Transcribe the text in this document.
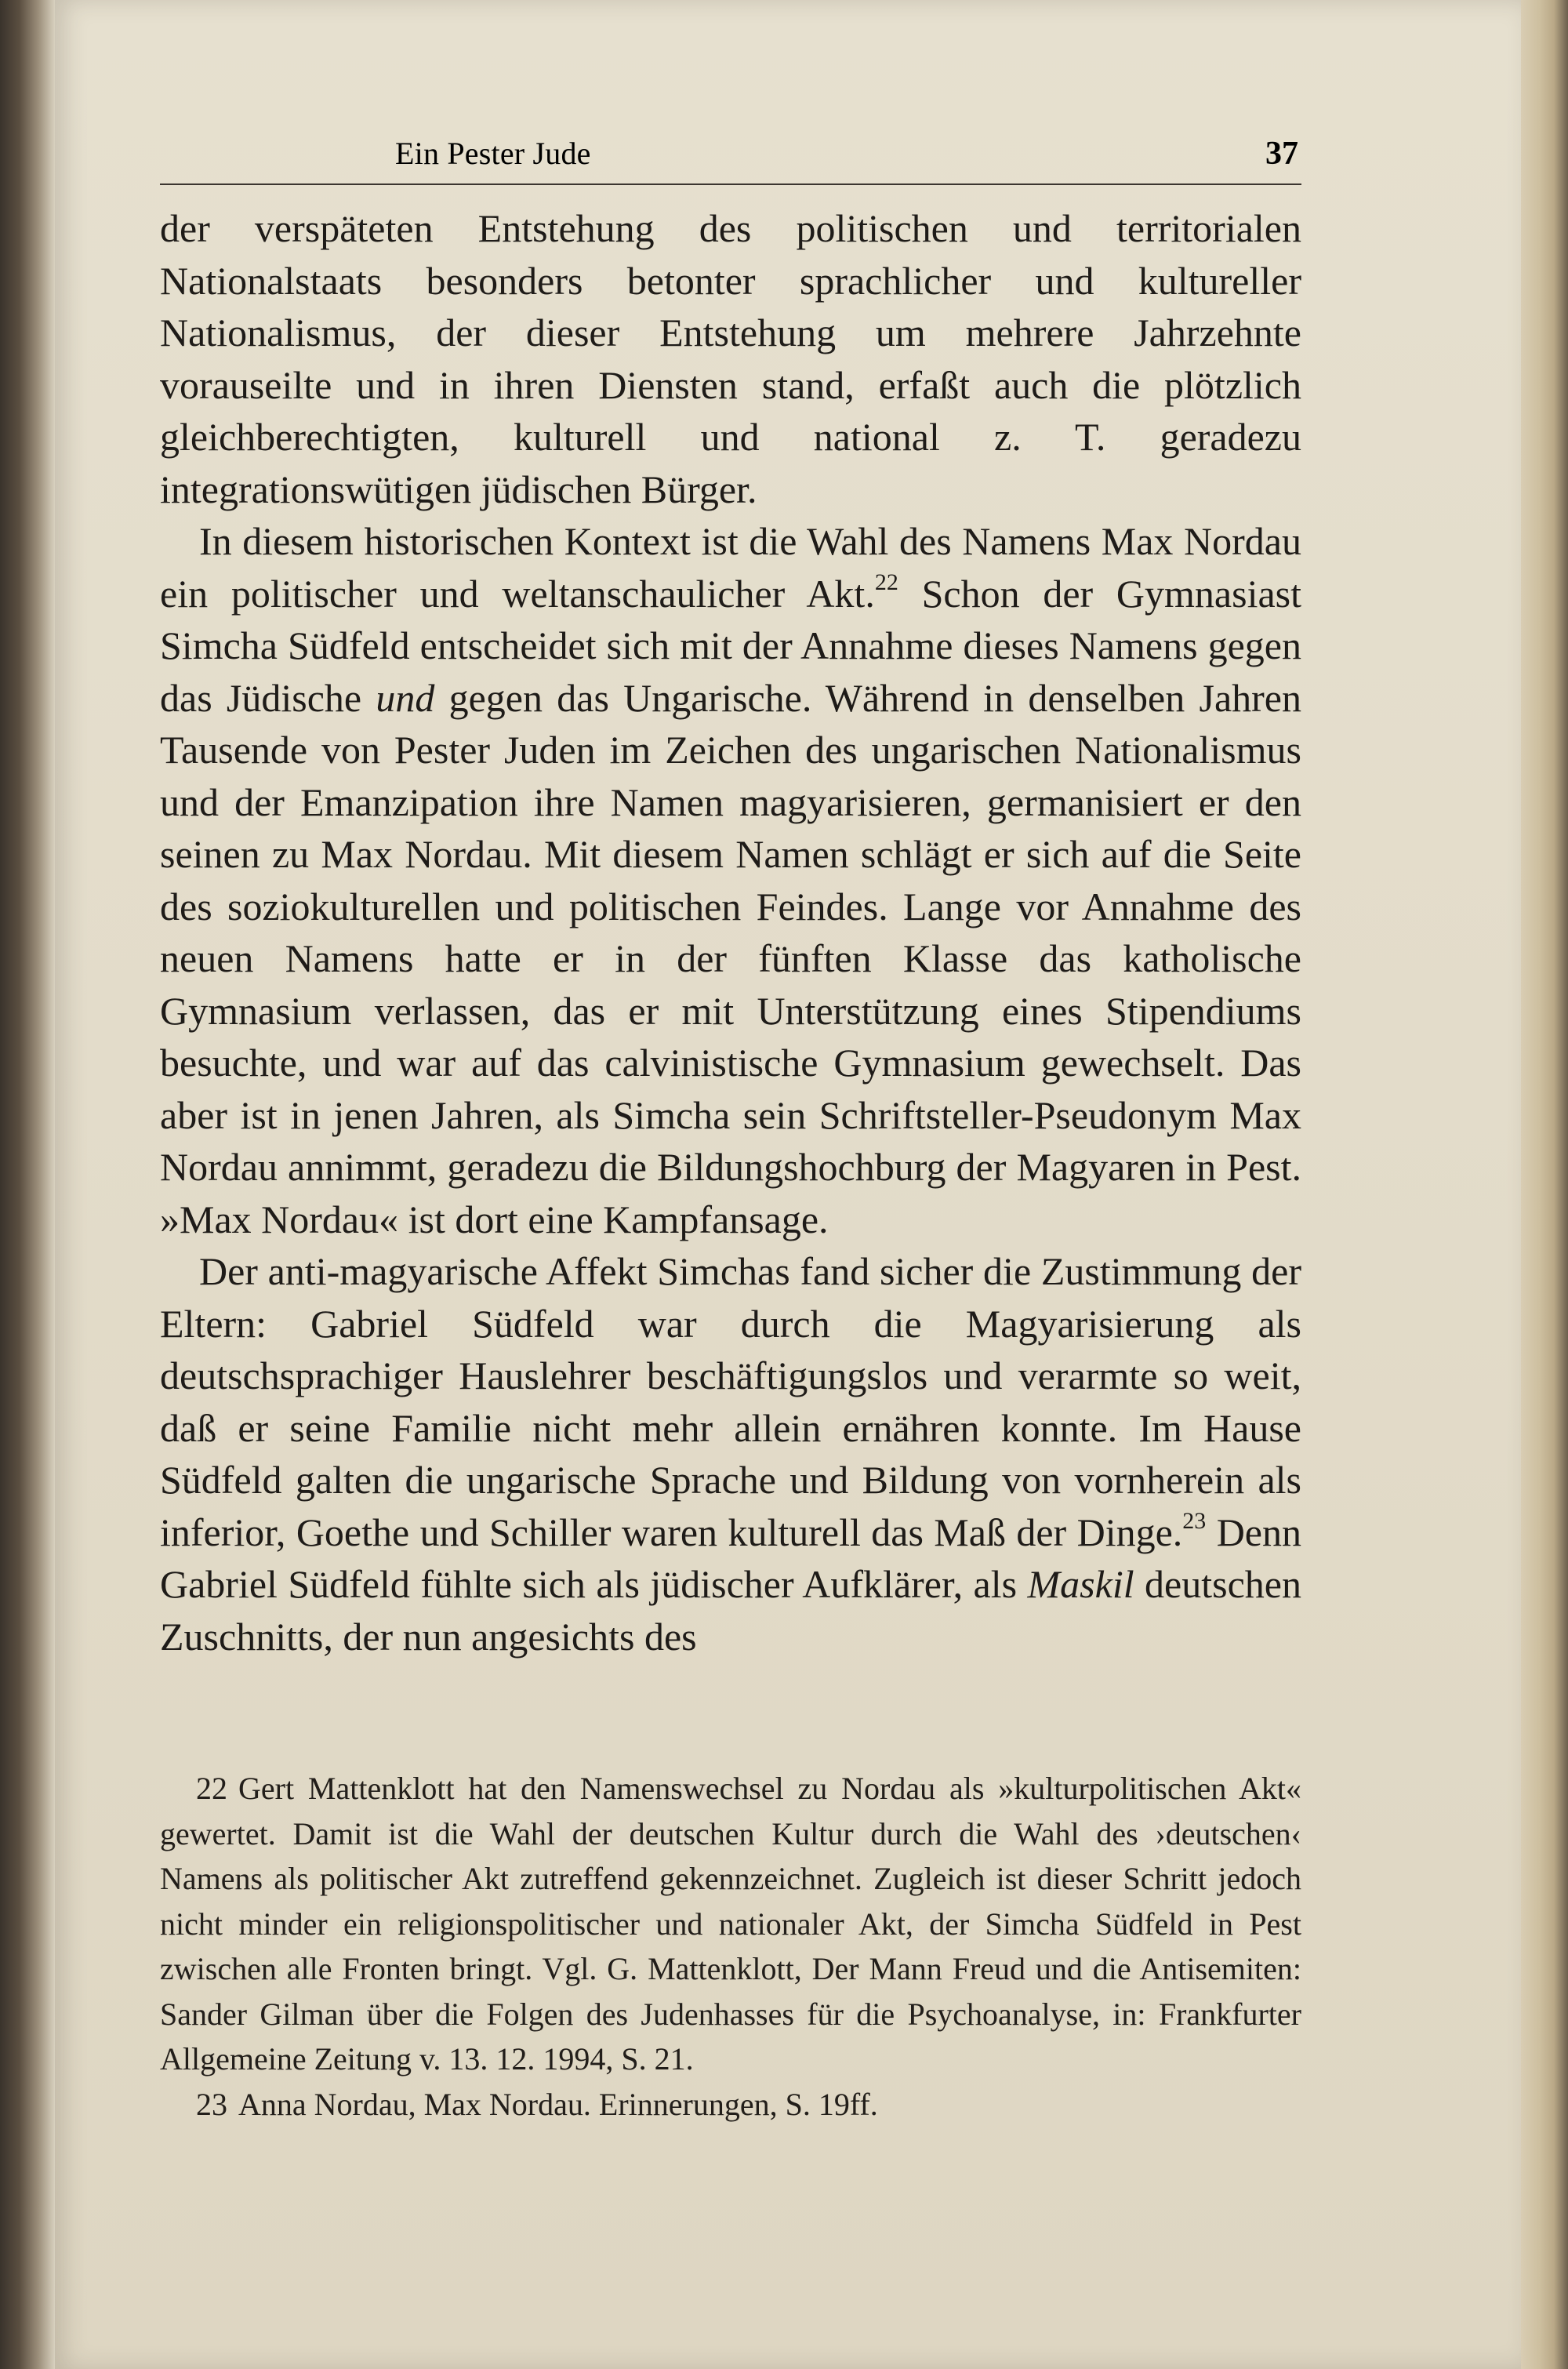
Ein Pester Jude	37

der verspäteten Entstehung des politischen und territorialen Nationalstaats besonders betonter sprachlicher und kultureller Nationalismus, der dieser Entstehung um mehrere Jahrzehnte vorauseilte und in ihren Diensten stand, erfaßt auch die plötzlich gleichberechtigten, kulturell und national z. T. geradezu integrationswütigen jüdischen Bürger.

In diesem historischen Kontext ist die Wahl des Namens Max Nordau ein politischer und weltanschaulicher Akt.$^{22}$ Schon der Gymnasiast Simcha Südfeld entscheidet sich mit der Annahme dieses Namens gegen das Jüdische und gegen das Ungarische. Während in denselben Jahren Tausende von Pester Juden im Zeichen des ungarischen Nationalismus und der Emanzipation ihre Namen magyarisieren, germanisiert er den seinen zu Max Nordau. Mit diesem Namen schlägt er sich auf die Seite des soziokulturellen und politischen Feindes. Lange vor Annahme des neuen Namens hatte er in der fünften Klasse das katholische Gymnasium verlassen, das er mit Unterstützung eines Stipendiums besuchte, und war auf das calvinistische Gymnasium gewechselt. Das aber ist in jenen Jahren, als Simcha sein Schriftsteller-Pseudonym Max Nordau annimmt, geradezu die Bildungshochburg der Magyaren in Pest. »Max Nordau« ist dort eine Kampfansage.

Der anti-magyarische Affekt Simchas fand sicher die Zustimmung der Eltern: Gabriel Südfeld war durch die Magyarisierung als deutschsprachiger Hauslehrer beschäftigungslos und verarmte so weit, daß er seine Familie nicht mehr allein ernähren konnte. Im Hause Südfeld galten die ungarische Sprache und Bildung von vornherein als inferior, Goethe und Schiller waren kulturell das Maß der Dinge.$^{23}$ Denn Gabriel Südfeld fühlte sich als jüdischer Aufklärer, als Maskil deutschen Zuschnitts, der nun angesichts des

22 Gert Mattenklott hat den Namenswechsel zu Nordau als »kulturpolitischen Akt« gewertet. Damit ist die Wahl der deutschen Kultur durch die Wahl des ›deutschen‹ Namens als politischer Akt zutreffend gekennzeichnet. Zugleich ist dieser Schritt jedoch nicht minder ein religionspolitischer und nationaler Akt, der Simcha Südfeld in Pest zwischen alle Fronten bringt. Vgl. G. Mattenklott, Der Mann Freud und die Antisemiten: Sander Gilman über die Folgen des Judenhasses für die Psychoanalyse, in: Frankfurter Allgemeine Zeitung v. 13. 12. 1994, S. 21.

23 Anna Nordau, Max Nordau. Erinnerungen, S. 19ff.
